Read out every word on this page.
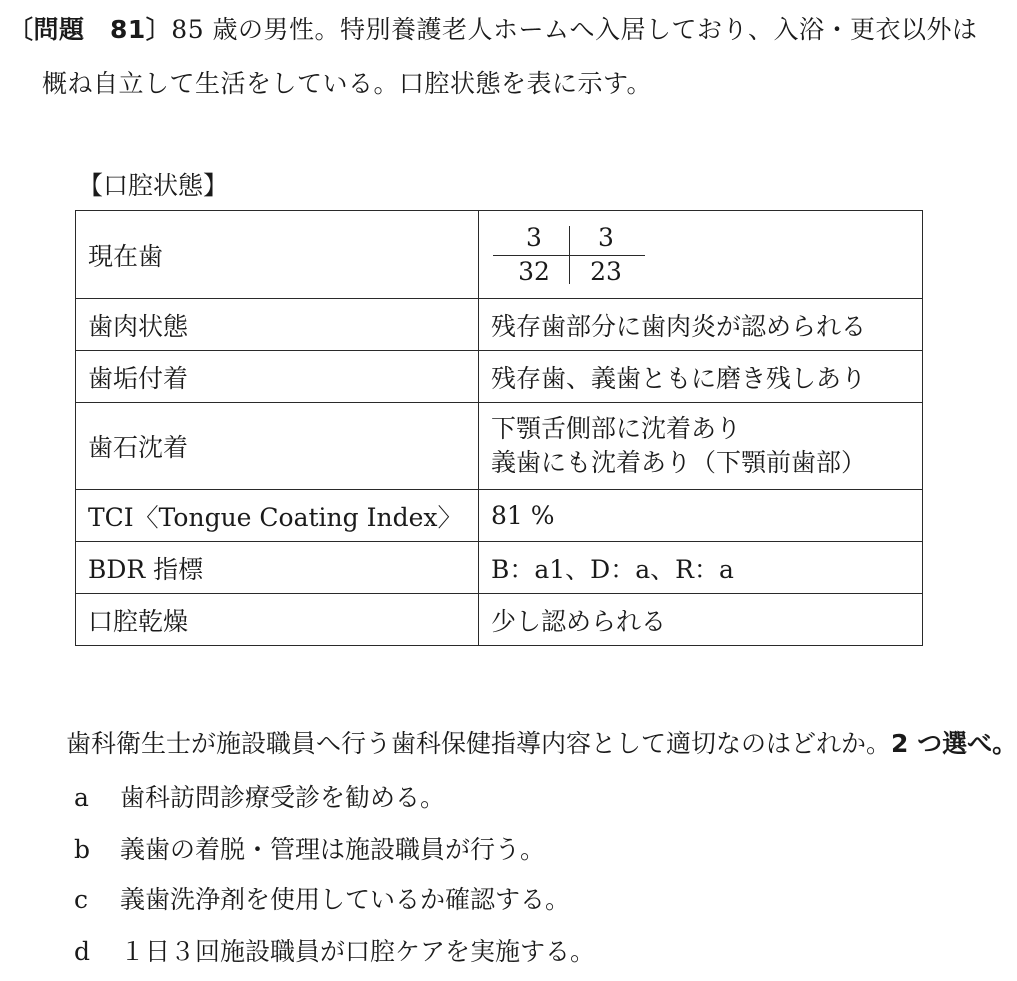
〔問題　81〕85 歳の男性。特別養護老人ホームへ入居しており、入浴・更衣以外は
概ね自立して生活をしている。口腔状態を表に示す。
【口腔状態】
現在歯	3 3
32 23

歯肉状態	残存歯部分に歯肉炎が認められる
歯垢付着	残存歯、義歯ともに磨き残しあり
歯石沈着	下顎舌側部に沈着あり
義歯にも沈着あり（下顎前歯部）

TCI〈Tongue Coating Index〉	81 %
BDR 指標	B：a1、D：a、R：a
口腔乾燥	少し認められる
歯科衛生士が施設職員へ行う歯科保健指導内容として適切なのはどれか。2 つ選べ。
a 歯科訪問診療受診を勧める。
b 義歯の着脱・管理は施設職員が行う。
c 義歯洗浄剤を使用しているか確認する。
d １日３回施設職員が口腔ケアを実施する。
